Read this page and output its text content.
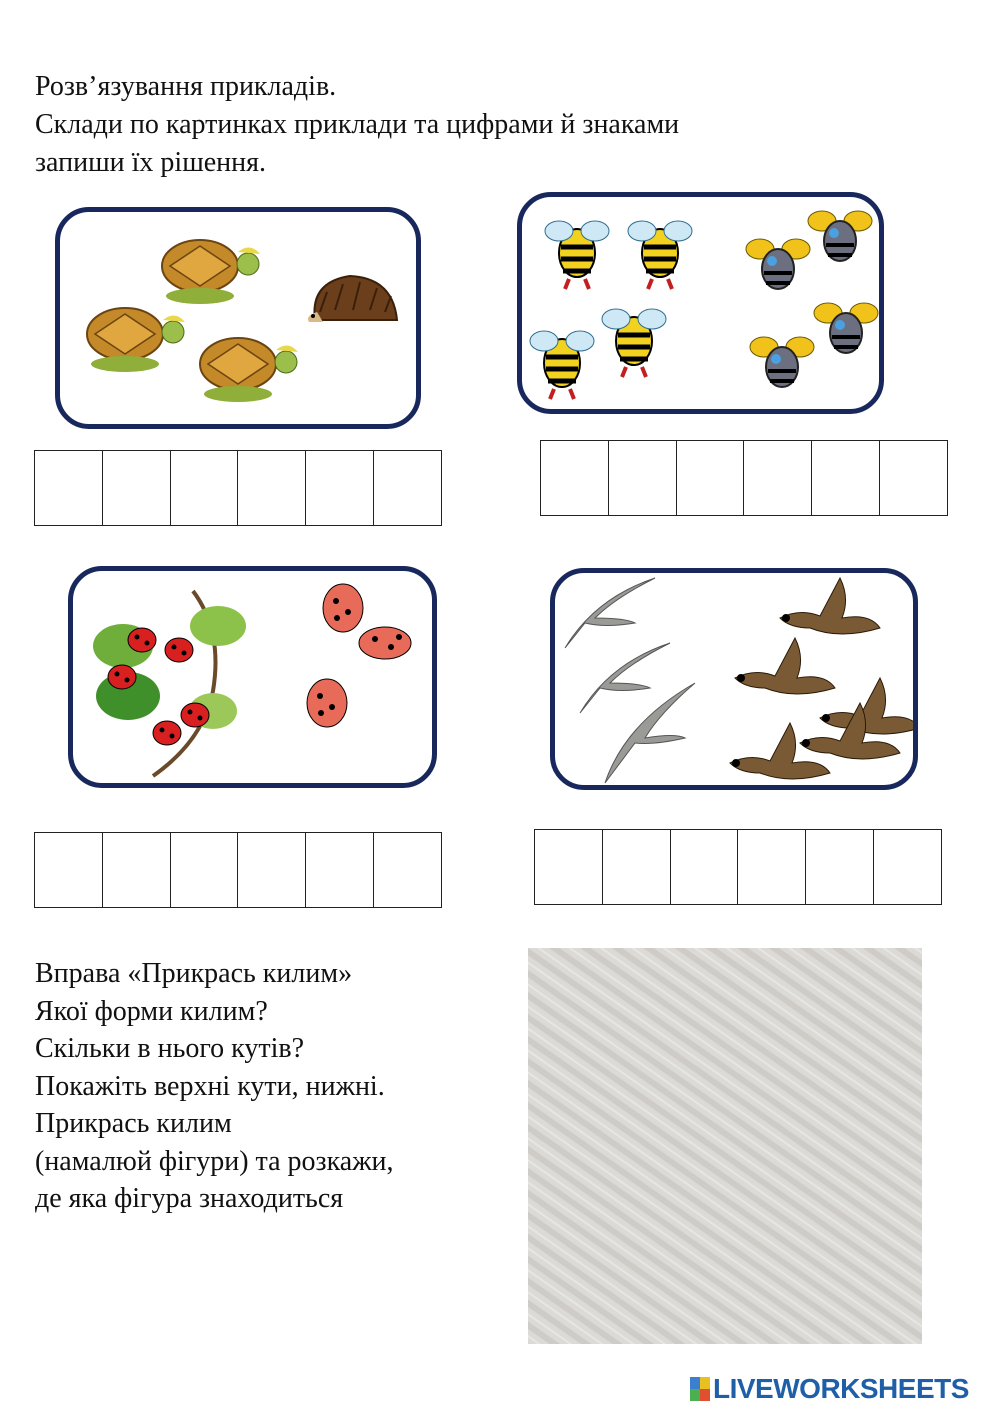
Розв’язування прикладів.
Склади по картинках приклади та цифрами й знаками
запиши їх рішення.
Вправа «Прикрась килим»
Якої форми килим?
Скільки в нього кутів?
Покажіть верхні кути, нижні.
Прикрась килим
(намалюй фігури) та розкажи,
де яка фігура знаходиться
LIVEWORKSHEETS
